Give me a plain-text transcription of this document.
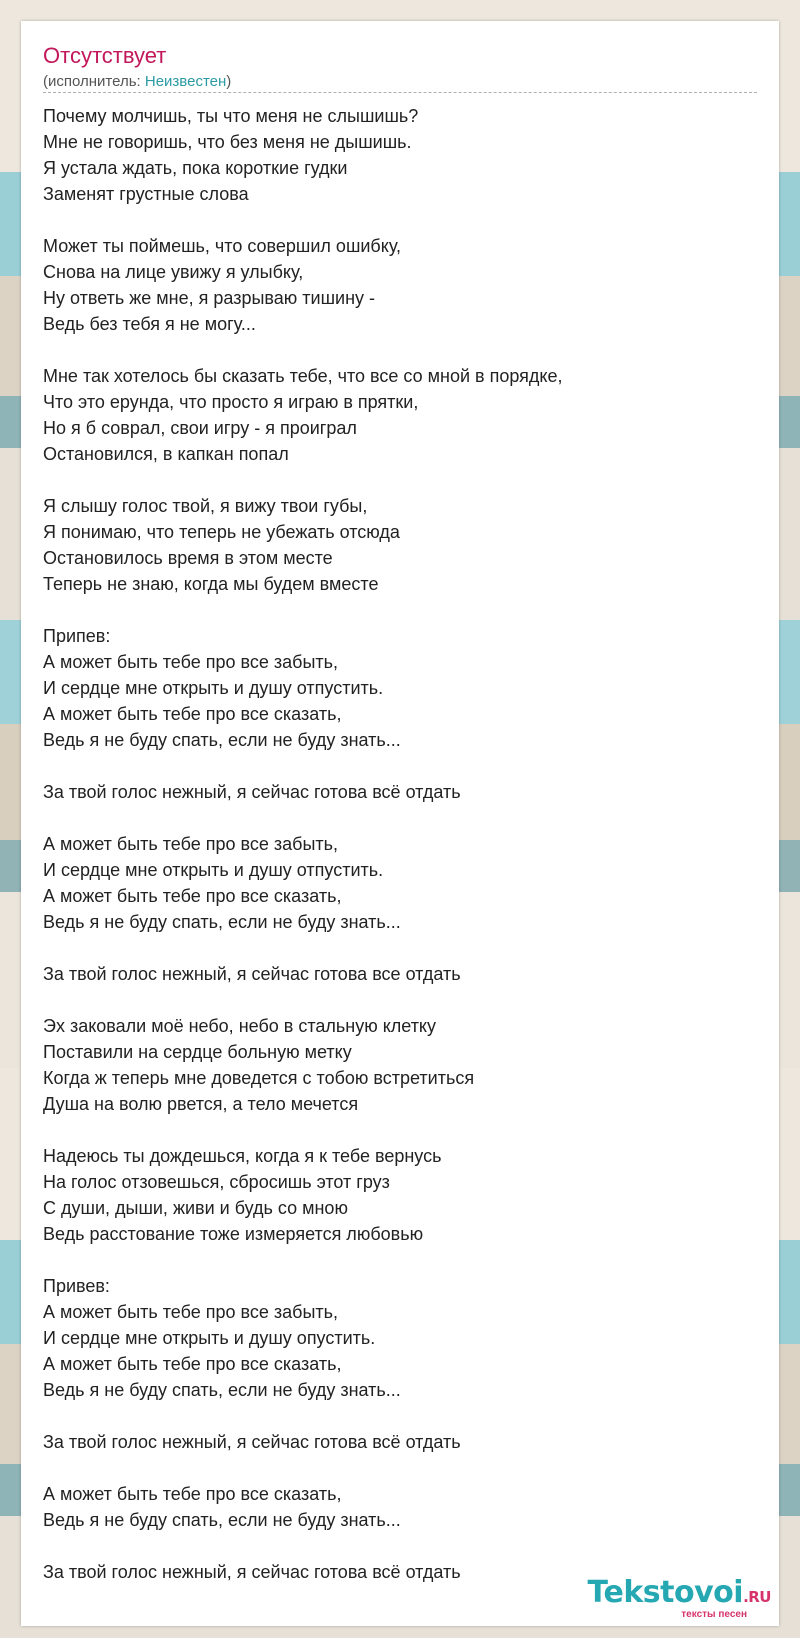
Отсутствует
(исполнитель: Неизвестен)
Почему молчишь, ты что меня не слышишь?
Мне не говоришь, что без меня не дышишь.
Я устала ждать, пока короткие гудки
Заменят грустные слова
Может ты поймешь, что совершил ошибку,
Снова на лице увижу я улыбку,
Ну ответь же мне, я разрываю тишину -
Ведь без тебя я не могу...
Мне так хотелось бы сказать тебе, что все со мной в порядке,
Что это ерунда, что просто я играю в прятки,
Но я б соврал, свои игру - я проиграл
Остановился, в капкан попал
Я слышу голос твой, я вижу твои губы,
Я понимаю, что теперь не убежать отсюда
Остановилось время в этом месте
Теперь не знаю, когда мы будем вместе
Припев:
А может быть тебе про все забыть,
И сердце мне открыть и душу отпустить.
А может быть тебе про все сказать,
Ведь я не буду спать, если не буду знать...
За твой голос нежный, я сейчас готова всё отдать
А может быть тебе про все забыть,
И сердце мне открыть и душу отпустить.
А может быть тебе про все сказать,
Ведь я не буду спать, если не буду знать...
За твой голос нежный, я сейчас готова все отдать
Эх заковали моё небо, небо в стальную клетку
Поставили на сердце больную метку
Когда ж теперь мне доведется с тобою встретиться
Душа на волю рвется, а тело мечется
Надеюсь ты дождешься, когда я к тебе вернусь
На голос отзовешься, сбросишь этот груз
С души, дыши, живи и будь со мною
Ведь расстование тоже измеряется любовью
Привев:
А может быть тебе про все забыть,
И сердце мне открыть и душу опустить.
А может быть тебе про все сказать,
Ведь я не буду спать, если не буду знать...
За твой голос нежный, я сейчас готова всё отдать
А может быть тебе про все сказать,
Ведь я не буду спать, если не буду знать...
За твой голос нежный, я сейчас готова всё отдать
Tekstovoi.RU
тексты песен
